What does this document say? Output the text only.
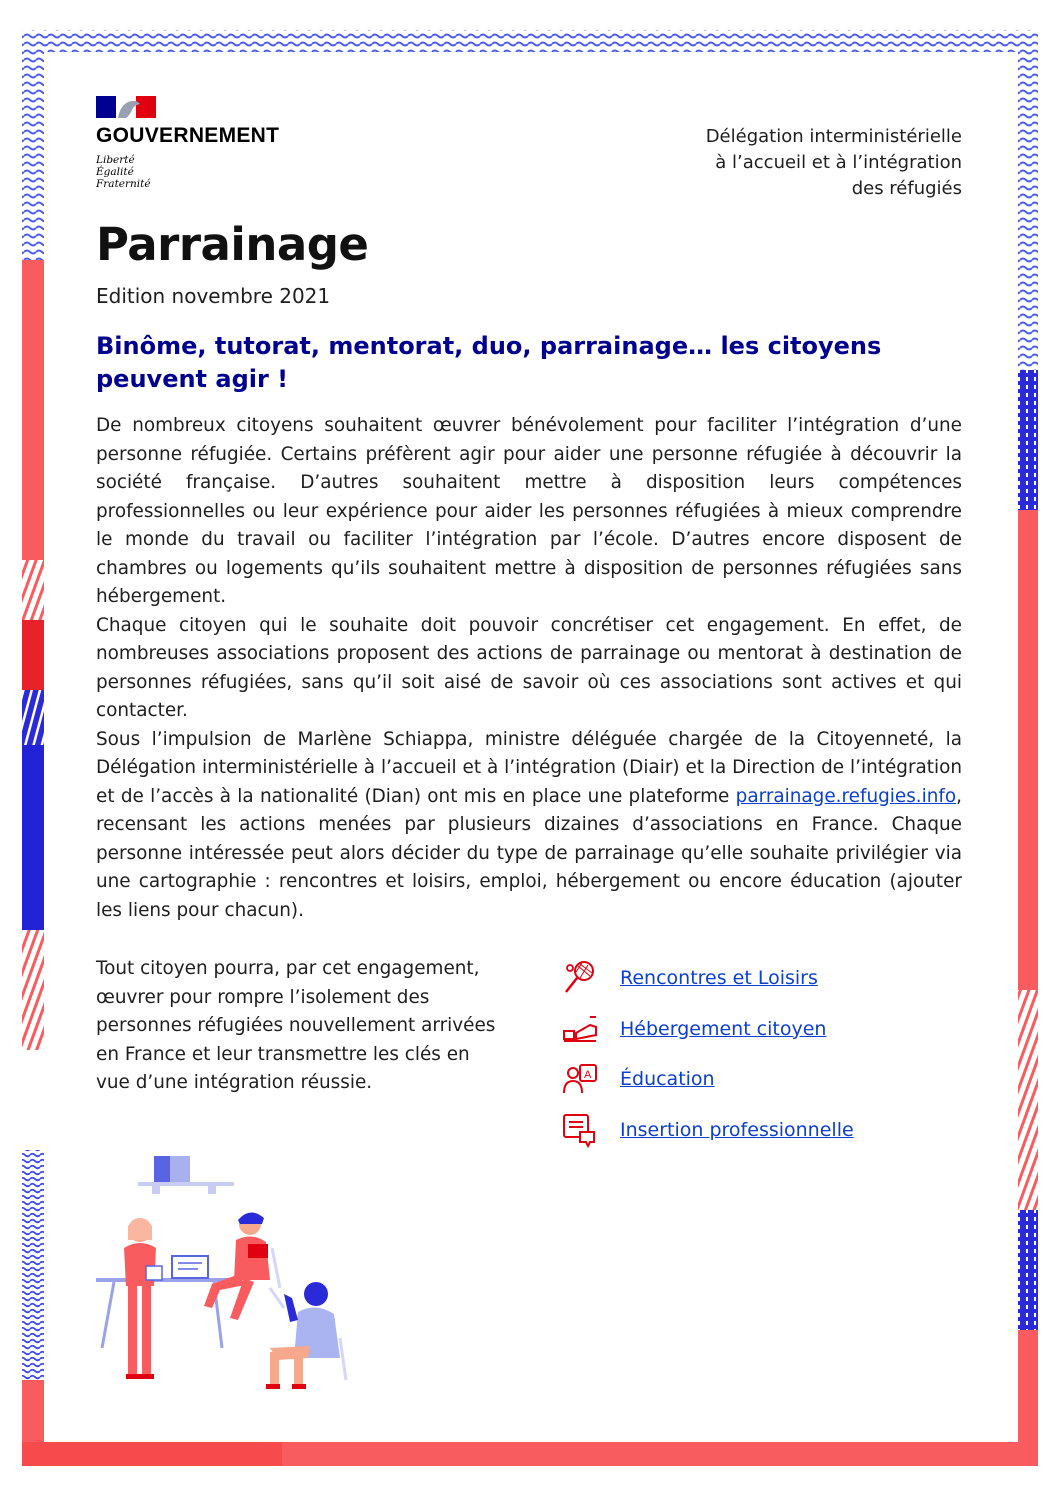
GOUVERNEMENT
Liberté
Égalité
Fraternité
Délégation interministérielle
à l’accueil et à l’intégration
des réfugiés
Parrainage
Edition novembre 2021
Binôme, tutorat, mentorat, duo, parrainage… les citoyens peuvent agir !

De nombreux citoyens souhaitent œuvrer bénévolement pour faciliter l’intégration d’une personne réfugiée. Certains préfèrent agir pour aider une personne réfugiée à découvrir la société française. D’autres souhaitent mettre à disposition leurs compétences professionnelles ou leur expérience pour aider les personnes réfugiées à mieux comprendre le monde du travail ou faciliter l’intégration par l’école. D’autres encore disposent de chambres ou logements qu’ils souhaitent mettre à disposition de personnes réfugiées sans hébergement.

Chaque citoyen qui le souhaite doit pouvoir concrétiser cet engagement. En effet, de nombreuses associations proposent des actions de parrainage ou mentorat à destination de personnes réfugiées, sans qu’il soit aisé de savoir où ces associations sont actives et qui contacter.

Sous l’impulsion de Marlène Schiappa, ministre déléguée chargée de la Citoyenneté, la Délégation interministérielle à l’accueil et à l’intégration (Diair) et la Direction de l’intégration et de l’accès à la nationalité (Dian) ont mis en place une plateforme parrainage.refugies.info, recensant les actions menées par plusieurs dizaines d’associations en France. Chaque personne intéressée peut alors décider du type de parrainage qu’elle souhaite privilégier via une cartographie : rencontres et loisirs, emploi, hébergement ou encore éducation (ajouter les liens pour chacun).

Tout citoyen pourra, par cet engagement, œuvrer pour rompre l’isolement des personnes réfugiées nouvellement arrivées en France et leur transmettre les clés en vue d’une intégration réussie.
Rencontres et Loisirs
Hébergement citoyen
A Éducation
Insertion professionnelle
